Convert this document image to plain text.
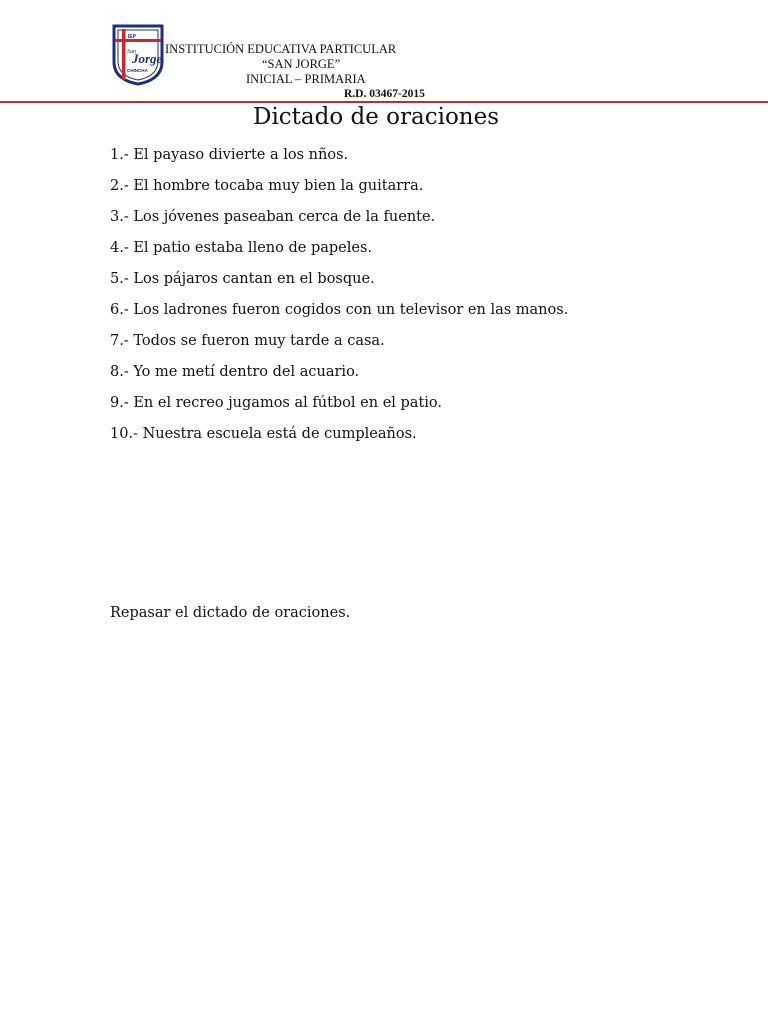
IEP
San
Jorge
CHINCHA
INSTITUCIÓN EDUCATIVA PARTICULAR
“SAN JORGE”
INICIAL – PRIMARIA
R.D. 03467-2015
Dictado de oraciones
1.- El payaso divierte a los nños.
2.- El hombre tocaba muy bien la guitarra.
3.- Los jóvenes paseaban cerca de la fuente.
4.- El patio estaba lleno de papeles.
5.- Los pájaros cantan en el bosque.
6.- Los ladrones fueron cogidos con un televisor en las manos.
7.- Todos se fueron muy tarde a casa.
8.- Yo me metí dentro del acuario.
9.- En el recreo jugamos al fútbol en el patio.
10.- Nuestra escuela está de cumpleaños.
Repasar el dictado de oraciones.
